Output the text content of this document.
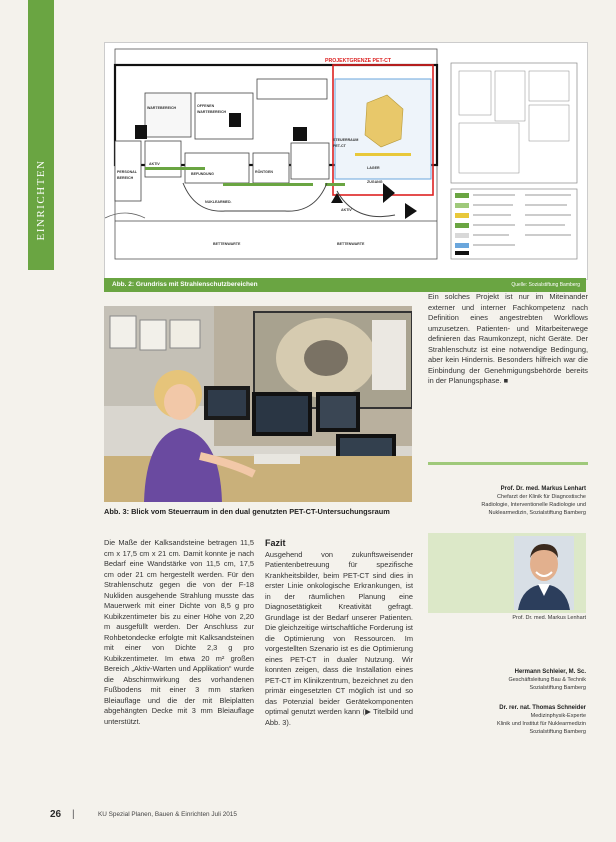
EINRICHTEN
PROJEKTGRENZE PET-CT
WARTEBEREICH	OFFENEN
WARTEBEREICH
STEUERRAUM
PET-CT
PERSONAL
BEREICH
AKTIV
BEFUNDUNG	RÖNTGEN
LAGER
BETTENWARTE	BETTENWARTE
NUKLEARMED.
AKTIV
ZUGANG
Abb. 2: Grundriss mit Strahlenschutzbereichen	Quelle: Sozialstiftung Bamberg
Abb. 3: Blick vom Steuerraum in den dual genutzten PET-CT-Untersuchungsraum
Die Maße der Kalksandsteine betragen 11,5 cm x 17,5 cm x 21 cm. Damit konnte je nach Bedarf eine Wandstärke von 11,5 cm, 17,5 cm oder 21 cm hergestellt werden. Für den Strahlenschutz gegen die von der F-18 Nukliden ausgehende Strahlung musste das Mauerwerk mit einer Dichte von 8,5 g pro Kubikzentimeter bis zu einer Höhe von 2,20 m ausgefüllt werden. Der Anschluss zur Rohbetondecke erfolgte mit Kalksandsteinen mit einer von Dichte 2,3 g pro Kubikzentimeter. Im etwa 20 m² großen Bereich „Aktiv-Warten und Applikation“ wurde die Abschirmwirkung des vorhandenen Fußbodens mit einer 3 mm starken Bleiauflage und die der mit Bleiplatten abgehängten Decke mit 3 mm Bleiauflage unterstützt.
Fazit
Ausgehend von zukunftsweisender Patientenbetreuung für spezifische Krankheitsbilder, beim PET-CT sind dies in erster Linie onkologische Erkrankungen, ist in der räumlichen Planung eine Diagnosetätigkeit Kreativität gefragt. Grundlage ist der Bedarf unserer Patienten. Die gleichzeitige wirtschaftliche Forderung ist die Optimierung von Ressourcen. Im vorgestellten Szenario ist es die Optimierung eines PET-CT in dualer Nutzung. Wir konnten zeigen, dass die Installation eines PET-CT im Klinikzentrum, bezeichnet zu den primär eingesetzten CT möglich ist und so das Potenzial beider Gerätekomponenten optimal genutzt werden kann (▶ Titelbild und Abb. 3).
Ein solches Projekt ist nur im Miteinander externer und interner Fachkompetenz nach Definition eines angestrebten Workflows umzusetzen. Patienten- und Mitarbeiterwege definieren das Raumkonzept, nicht Geräte. Der Strahlenschutz ist eine notwendige Bedingung, aber kein Hindernis. Besonders hilfreich war die Einbindung der Genehmigungsbehörde bereits in der Planungsphase. ■
Prof. Dr. med. Markus Lenhart
Chefarzt der Klinik für Diagnostische
Radiologie, Interventionelle Radiologie und
Nuklearmedizin, Sozialstiftung Bamberg
Prof. Dr. med. Markus Lenhart
Hermann Schleier, M. Sc.
Geschäftsleitung Bau & Technik
Sozialstiftung Bamberg
Dr. rer. nat. Thomas Schneider
Medizinphysik-Experte
Klinik und Institut für Nuklearmedizin
Sozialstiftung Bamberg
26 |	KU Spezial Planen, Bauen & Einrichten Juli 2015
